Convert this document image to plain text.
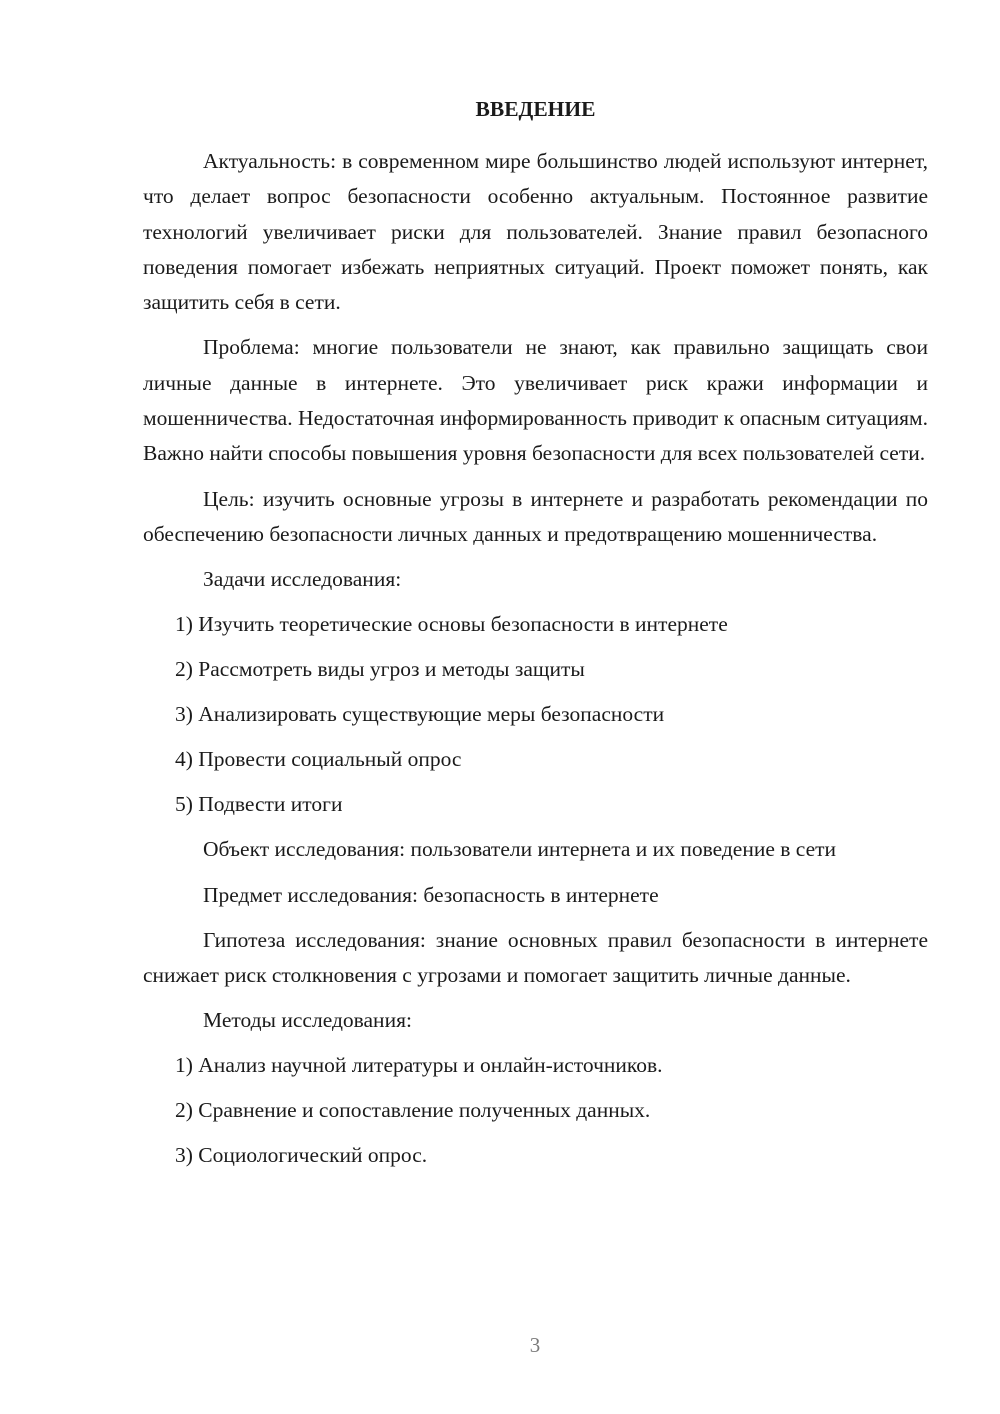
ВВЕДЕНИЕ

Актуальность: в современном мире большинство людей используют интернет, что делает вопрос безопасности особенно актуальным. Постоянное развитие технологий увеличивает риски для пользователей. Знание правил безопасного поведения помогает избежать неприятных ситуаций. Проект поможет понять, как защитить себя в сети.

Проблема: многие пользователи не знают, как правильно защищать свои личные данные в интернете. Это увеличивает риск кражи информации и мошенничества. Недостаточная информированность приводит к опасным ситуациям. Важно найти способы повышения уровня безопасности для всех пользователей сети.

Цель: изучить основные угрозы в интернете и разработать рекомендации по обеспечению безопасности личных данных и предотвращению мошенничества.

Задачи исследования:

1) Изучить теоретические основы безопасности в интернете

2) Рассмотреть виды угроз и методы защиты

3) Анализировать существующие меры безопасности

4) Провести социальный опрос

5) Подвести итоги

Объект исследования: пользователи интернета и их поведение в сети

Предмет исследования: безопасность в интернете

Гипотеза исследования: знание основных правил безопасности в интернете снижает риск столкновения с угрозами и помогает защитить личные данные.

Методы исследования:

1) Анализ научной литературы и онлайн-источников.

2) Сравнение и сопоставление полученных данных.

3) Социологический опрос.

3
